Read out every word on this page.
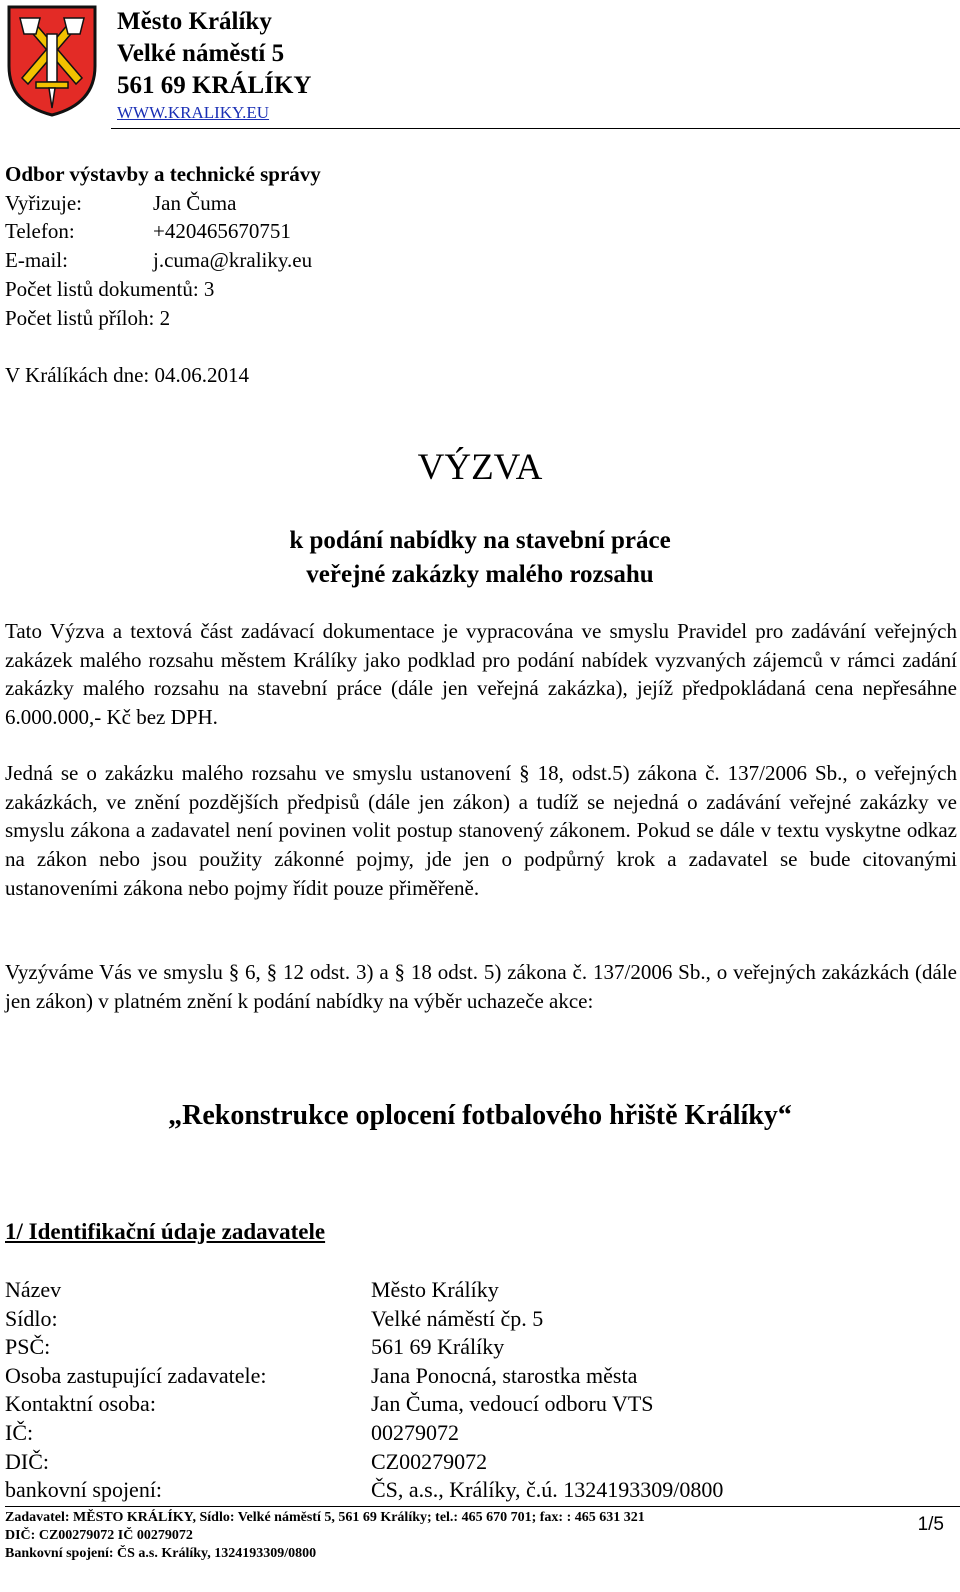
Město Králíky
Velké náměstí 5
561 69 KRÁLÍKY
WWW.KRALIKY.EU
Odbor výstavby a technické správy
Vyřizuje:	Jan Čuma
Telefon:	+420465670751
E-mail:	j.cuma@kraliky.eu
Počet listů dokumentů: 3
Počet listů příloh: 2
V Králíkách dne: 04.06.2014
VÝZVA
k podání nabídky na stavební práce
veřejné zakázky malého rozsahu
Tato Výzva a textová část zadávací dokumentace je vypracována ve smyslu Pravidel pro zadávání veřejných zakázek malého rozsahu městem Králíky jako podklad pro podání nabídek vyzvaných zájemců v rámci zadání zakázky malého rozsahu na stavební práce (dále jen veřejná zakázka), jejíž předpokládaná cena nepřesáhne 6.000.000,- Kč bez DPH.
Jedná se o zakázku malého rozsahu ve smyslu ustanovení § 18, odst.5) zákona č. 137/2006 Sb., o veřejných zakázkách, ve znění pozdějších předpisů (dále jen zákon) a tudíž se nejedná o zadávání veřejné zakázky ve smyslu zákona a zadavatel není povinen volit postup stanovený zákonem. Pokud se dále v textu vyskytne odkaz na zákon nebo jsou použity zákonné pojmy, jde jen o podpůrný krok a zadavatel se bude citovanými ustanoveními zákona nebo pojmy řídit pouze přiměřeně.
Vyzýváme Vás ve smyslu § 6, § 12 odst. 3) a § 18 odst. 5) zákona č. 137/2006 Sb., o veřejných zakázkách (dále jen zákon) v platném znění k podání nabídky na výběr uchazeče akce:
„Rekonstrukce oplocení fotbalového hřiště Králíky“
1/ Identifikační údaje zadavatele
Název	Město Králíky
Sídlo:	Velké náměstí čp. 5
PSČ:	561 69 Králíky
Osoba zastupující zadavatele:	Jana Ponocná, starostka města
Kontaktní osoba:	Jan Čuma, vedoucí odboru VTS
IČ:	00279072
DIČ:	CZ00279072
bankovní spojení:	ČS, a.s., Králíky, č.ú. 1324193309/0800
Zadavatel: MĚSTO KRÁLÍKY, Sídlo: Velké náměstí 5, 561 69 Králíky; tel.: 465 670 701; fax: : 465 631 321
DIČ: CZ00279072 IČ 00279072
Bankovní spojení: ČS a.s. Králíky, 1324193309/0800
1/5
